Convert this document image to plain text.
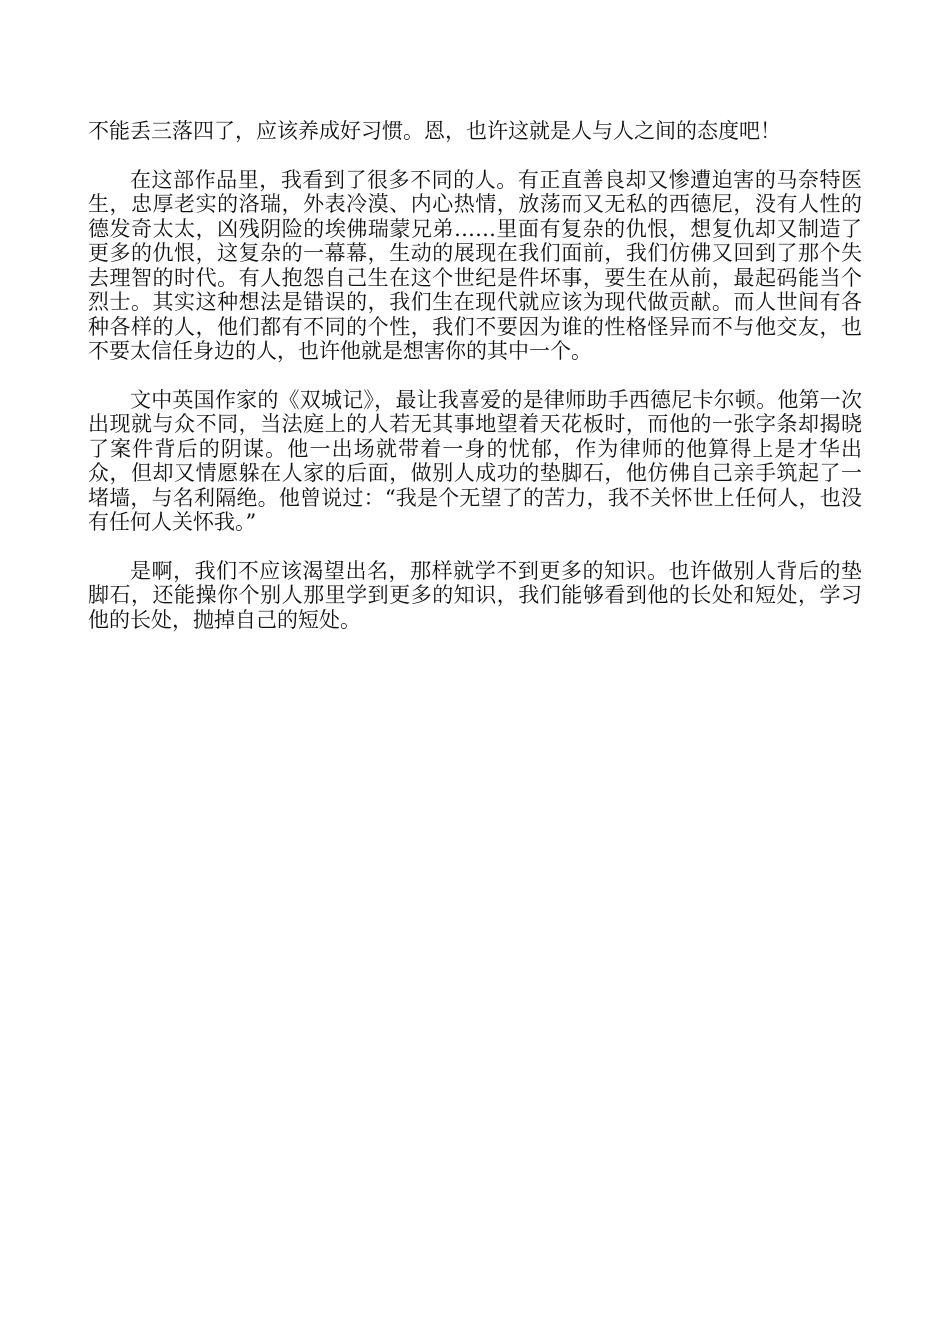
不能丢三落四了，应该养成好习惯。恩，也许这就是人与人之间的态度吧！

在这部作品里，我看到了很多不同的人。有正直善良却又惨遭迫害的马奈特医生，忠厚老实的洛瑞，外表冷漠、内心热情，放荡而又无私的西德尼，没有人性的德发奇太太，凶残阴险的埃佛瑞蒙兄弟……里面有复杂的仇恨，想复仇却又制造了更多的仇恨，这复杂的一幕幕，生动的展现在我们面前，我们仿佛又回到了那个失去理智的时代。有人抱怨自己生在这个世纪是件坏事，要生在从前，最起码能当个烈士。其实这种想法是错误的，我们生在现代就应该为现代做贡献。而人世间有各种各样的人，他们都有不同的个性，我们不要因为谁的性格怪异而不与他交友，也不要太信任身边的人，也许他就是想害你的其中一个。

文中英国作家的《双城记》，最让我喜爱的是律师助手西德尼卡尔顿。他第一次出现就与众不同，当法庭上的人若无其事地望着天花板时，而他的一张字条却揭晓了案件背后的阴谋。他一出场就带着一身的忧郁，作为律师的他算得上是才华出众，但却又情愿躲在人家的后面，做别人成功的垫脚石，他仿佛自己亲手筑起了一堵墙，与名利隔绝。他曾说过：“我是个无望了的苦力，我不关怀世上任何人，也没有任何人关怀我。”

是啊，我们不应该渴望出名，那样就学不到更多的知识。也许做别人背后的垫脚石，还能操你个别人那里学到更多的知识，我们能够看到他的长处和短处，学习他的长处，抛掉自己的短处。
